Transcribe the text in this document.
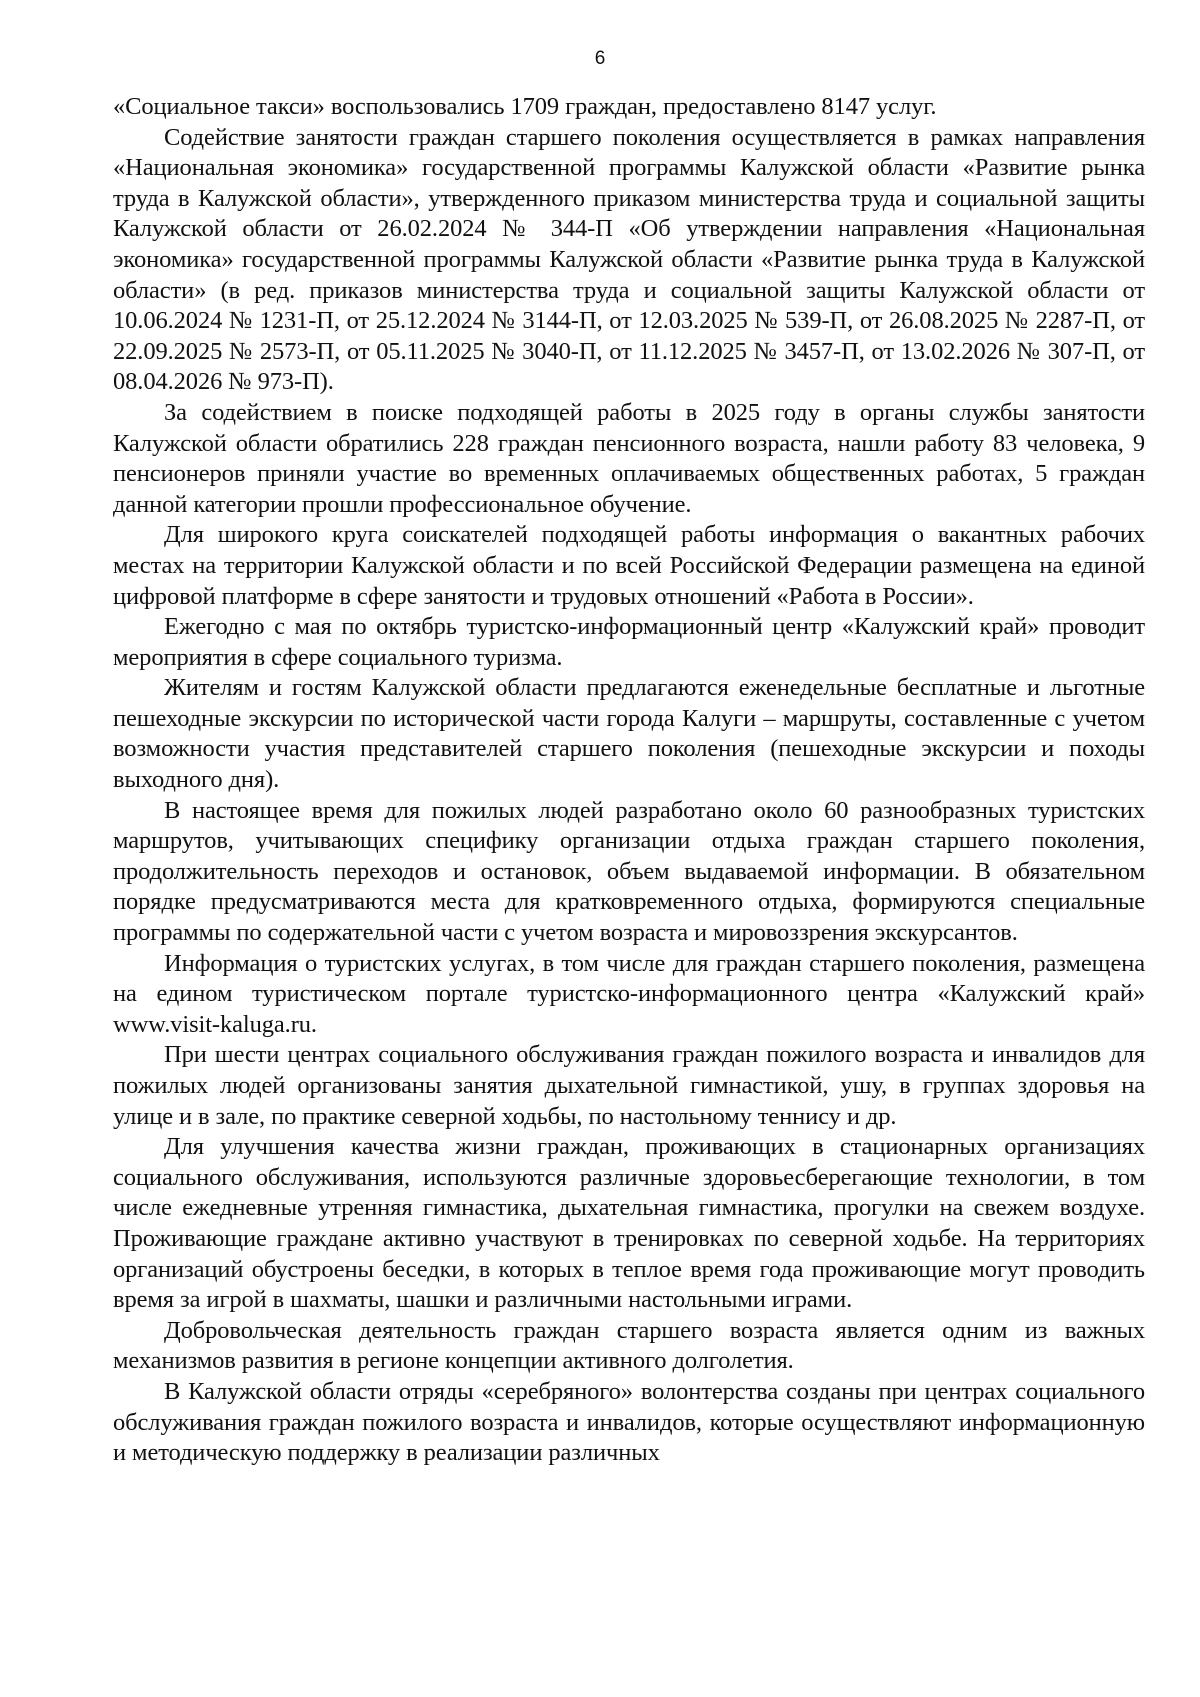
6

«Социальное такси» воспользовались 1709 граждан, предоставлено 8147 услуг.

Содействие занятости граждан старшего поколения осуществляется в рамках направления «Национальная экономика» государственной программы Калужской области «Развитие рынка труда в Калужской области», утвержденного приказом министерства труда и социальной защиты Калужской области от 26.02.2024 № 344-П «Об утверждении направления «Национальная экономика» государственной программы Калужской области «Развитие рынка труда в Калужской области» (в ред. приказов министерства труда и социальной защиты Калужской области от 10.06.2024 № 1231-П, от 25.12.2024 № 3144-П, от 12.03.2025 № 539-П, от 26.08.2025 № 2287-П, от 22.09.2025 № 2573-П, от 05.11.2025 № 3040-П, от 11.12.2025 № 3457-П, от 13.02.2026 № 307-П, от 08.04.2026 № 973-П).

За содействием в поиске подходящей работы в 2025 году в органы службы занятости Калужской области обратились 228 граждан пенсионного возраста, нашли работу 83 человека, 9 пенсионеров приняли участие во временных оплачиваемых общественных работах, 5 граждан данной категории прошли профессиональное обучение.

Для широкого круга соискателей подходящей работы информация о вакантных рабочих местах на территории Калужской области и по всей Российской Федерации размещена на единой цифровой платформе в сфере занятости и трудовых отношений «Работа в России».

Ежегодно с мая по октябрь туристско-информационный центр «Калужский край» проводит мероприятия в сфере социального туризма.

Жителям и гостям Калужской области предлагаются еженедельные бесплатные и льготные пешеходные экскурсии по исторической части города Калуги – маршруты, составленные с учетом возможности участия представителей старшего поколения (пешеходные экскурсии и походы выходного дня).

В настоящее время для пожилых людей разработано около 60 разнообразных туристских маршрутов, учитывающих специфику организации отдыха граждан старшего поколения, продолжительность переходов и остановок, объем выдаваемой информации. В обязательном порядке предусматриваются места для кратковременного отдыха, формируются специальные программы по содержательной части с учетом возраста и мировоззрения экскурсантов.

Информация о туристских услугах, в том числе для граждан старшего поколения, размещена на едином туристическом портале туристско-информационного центра «Калужский край» www.visit-kaluga.ru.

При шести центрах социального обслуживания граждан пожилого возраста и инвалидов для пожилых людей организованы занятия дыхательной гимнастикой, ушу, в группах здоровья на улице и в зале, по практике северной ходьбы, по настольному теннису и др.

Для улучшения качества жизни граждан, проживающих в стационарных организациях социального обслуживания, используются различные здоровьесберегающие технологии, в том числе ежедневные утренняя гимнастика, дыхательная гимнастика, прогулки на свежем воздухе. Проживающие граждане активно участвуют в тренировках по северной ходьбе. На территориях организаций обустроены беседки, в которых в теплое время года проживающие могут проводить время за игрой в шахматы, шашки и различными настольными играми.

Добровольческая деятельность граждан старшего возраста является одним из важных механизмов развития в регионе концепции активного долголетия.

В Калужской области отряды «серебряного» волонтерства созданы при центрах социального обслуживания граждан пожилого возраста и инвалидов, которые осуществляют информационную и методическую поддержку в реализации различных
